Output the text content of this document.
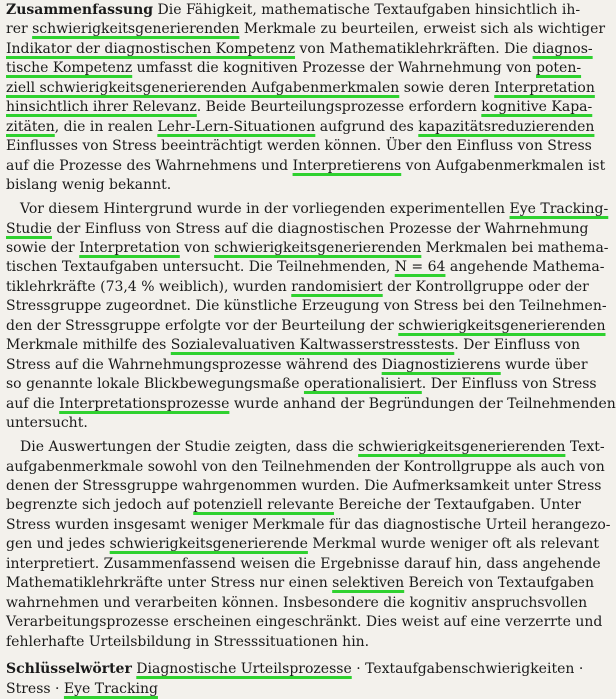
Zusammenfassung Die Fähigkeit, mathematische Textaufgaben hinsichtlich ih-
rer schwierigkeitsgenerierenden Merkmale zu beurteilen, erweist sich als wichtiger
Indikator der diagnostischen Kompetenz von Mathematiklehrkräften. Die diagnos-
tische Kompetenz umfasst die kognitiven Prozesse der Wahrnehmung von poten-
ziell schwierigkeitsgenerierenden Aufgabenmerkmalen sowie deren Interpretation
hinsichtlich ihrer Relevanz. Beide Beurteilungsprozesse erfordern kognitive Kapa-
zitäten, die in realen Lehr-Lern-Situationen aufgrund des kapazitätsreduzierenden
Einflusses von Stress beeinträchtigt werden können. Über den Einfluss von Stress
auf die Prozesse des Wahrnehmens und Interpretierens von Aufgabenmerkmalen ist
bislang wenig bekannt.
Vor diesem Hintergrund wurde in der vorliegenden experimentellen Eye Tracking-
Studie der Einfluss von Stress auf die diagnostischen Prozesse der Wahrnehmung
sowie der Interpretation von schwierigkeitsgenerierenden Merkmalen bei mathema-
tischen Textaufgaben untersucht. Die Teilnehmenden, N = 64 angehende Mathema-
tiklehrkräfte (73,4 % weiblich), wurden randomisiert der Kontrollgruppe oder der
Stressgruppe zugeordnet. Die künstliche Erzeugung von Stress bei den Teilnehmen-
den der Stressgruppe erfolgte vor der Beurteilung der schwierigkeitsgenerierenden
Merkmale mithilfe des Sozialevaluativen Kaltwasserstresstests. Der Einfluss von
Stress auf die Wahrnehmungsprozesse während des Diagnostizierens wurde über
so genannte lokale Blickbewegungsmaße operationalisiert. Der Einfluss von Stress
auf die Interpretationsprozesse wurde anhand der Begründungen der Teilnehmenden
untersucht.
Die Auswertungen der Studie zeigten, dass die schwierigkeitsgenerierenden Text-
aufgabenmerkmale sowohl von den Teilnehmenden der Kontrollgruppe als auch von
denen der Stressgruppe wahrgenommen wurden. Die Aufmerksamkeit unter Stress
begrenzte sich jedoch auf potenziell relevante Bereiche der Textaufgaben. Unter
Stress wurden insgesamt weniger Merkmale für das diagnostische Urteil herangezo-
gen und jedes schwierigkeitsgenerierende Merkmal wurde weniger oft als relevant
interpretiert. Zusammenfassend weisen die Ergebnisse darauf hin, dass angehende
Mathematiklehrkräfte unter Stress nur einen selektiven Bereich von Textaufgaben
wahrnehmen und verarbeiten können. Insbesondere die kognitiv anspruchsvollen
Verarbeitungsprozesse erscheinen eingeschränkt. Dies weist auf eine verzerrte und
fehlerhafte Urteilsbildung in Stresssituationen hin.
Schlüsselwörter Diagnostische Urteilsprozesse · Textaufgabenschwierigkeiten ·
Stress · Eye Tracking
